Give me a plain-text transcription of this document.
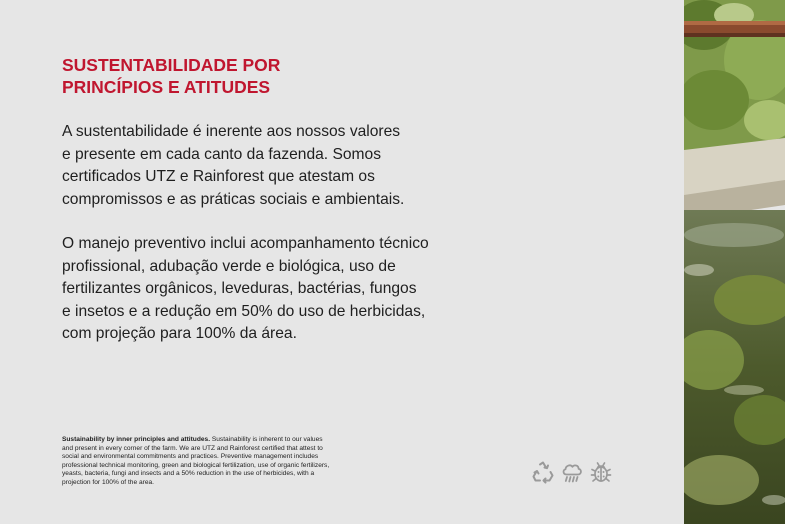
SUSTENTABILIDADE POR
PRINCÍPIOS E ATITUDES

A sustentabilidade é inerente aos nossos valores
e presente em cada canto da fazenda. Somos
certificados UTZ e Rainforest que atestam os
compromissos e as práticas sociais e ambientais.

O manejo preventivo inclui acompanhamento técnico
profissional, adubação verde e biológica, uso de
fertilizantes orgânicos, leveduras, bactérias, fungos
e insetos e a redução em 50% do uso de herbicidas,
com projeção para 100% da área.

Sustainability by inner principles and attitudes. Sustainability is inherent to our values
and present in every corner of the farm. We are UTZ and Rainforest certified that attest to
social and environmental commitments and practices. Preventive management includes
professional technical monitoring, green and biological fertilization, use of organic fertilizers,
yeasts, bacteria, fungi and insects and a 50% reduction in the use of herbicides, with a
projection for 100% of the area.
